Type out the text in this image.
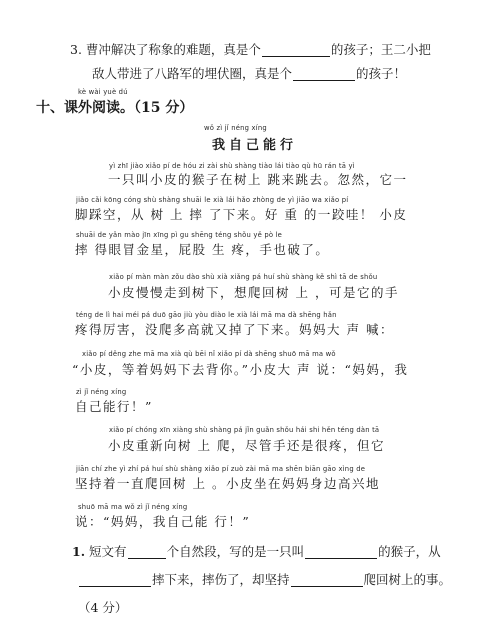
3. 曹冲解决了称象的难题，真是个	的孩子；王二小把
敌人带进了八路军的埋伏圈，真是个	的孩子！
kè wài yuè dú
十、课外阅读。（15 分）
wǒ zì jǐ néng xíng
我自己能行
yì zhī jiào xiǎo pí de hóu zi zài shù shàng tiào lái tiào qù hū rán tā yì
一只叫小皮的猴子在树上 跳来跳去。忽然，它一
jiǎo cǎi kōng cóng shù shàng shuāi le xià lái hǎo zhòng de yì jiāo wa xiǎo pí
脚踩空，从 树 上 摔 了下来。好 重 的一跤哇！ 小皮
shuāi de yǎn mào jīn xīng pì gu shēng téng shǒu yě pò le
摔 得眼冒金星，屁股 生 疼，手也破了。
xiǎo pí màn màn zǒu dào shù xià xiǎng pá huí shù shàng kě shì tā de shǒu
小皮慢慢走到树下，想爬回树 上 ，可是它的手
téng de lì hai méi pá duō gāo jiù yòu diào le xià lái mā ma dà shēng hǎn
疼得厉害，没爬多高就又掉了下来。妈妈大 声 喊：
xiǎo pí děng zhe mā ma xià qù bēi nǐ xiǎo pí dà shēng shuō mā ma wǒ
“小皮，等着妈妈下去背你。”小皮大 声 说：“妈妈，我
zì jǐ néng xíng
自己能行！”
xiǎo pí chóng xīn xiàng shù shàng pá jǐn guǎn shǒu hái shi hěn téng dàn tā
小皮重新向树 上 爬，尽管手还是很疼，但它
jiān chí zhe yì zhí pá huí shù shàng xiǎo pí zuò zài mā ma shēn biān gāo xìng de
坚持着一直爬回树 上 。小皮坐在妈妈身边高兴地
shuō mā ma wǒ zì jǐ néng xíng
说：“妈妈，我自己能 行！”
1. 短文有	个自然段，写的是一只叫	的猴子，从
摔下来，摔伤了，却坚持	爬回树上的事。
（4 分）
